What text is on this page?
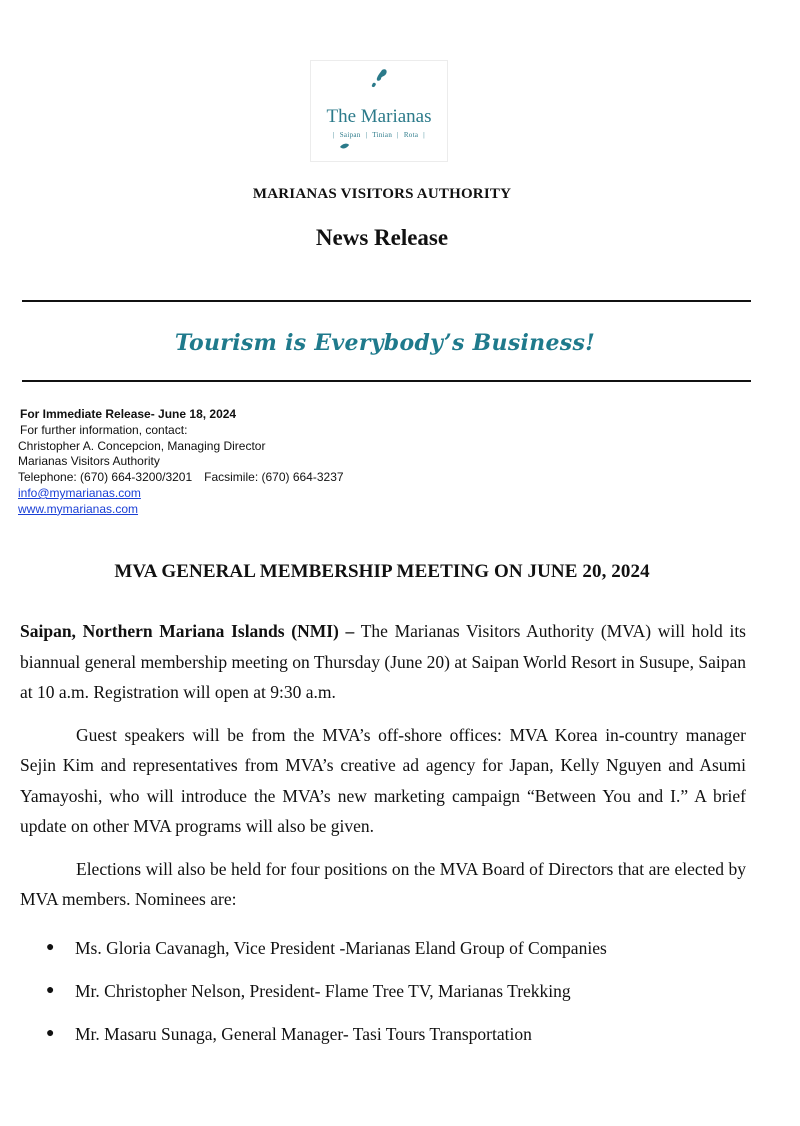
The Marianas
| Saipan | Tinian | Rota |
MARIANAS VISITORS AUTHORITY
News Release
Tourism is Everybody’s Business!
For Immediate Release- June 18, 2024
For further information, contact:
Christopher A. Concepcion, Managing Director
Marianas Visitors Authority
Telephone: (670) 664-3200/3201 Facsimile: (670) 664-3237
info@mymarianas.com
www.mymarianas.com
MVA GENERAL MEMBERSHIP MEETING ON JUNE 20, 2024

Saipan, Northern Mariana Islands (NMI) – The Marianas Visitors Authority (MVA) will hold its biannual general membership meeting on Thursday (June 20) at Saipan World Resort in Susupe, Saipan at 10 a.m. Registration will open at 9:30 a.m.

Guest speakers will be from the MVA’s off-shore offices: MVA Korea in-country manager Sejin Kim and representatives from MVA’s creative ad agency for Japan, Kelly Nguyen and Asumi Yamayoshi, who will introduce the MVA’s new marketing campaign “Between You and I.” A brief update on other MVA programs will also be given.

Elections will also be held for four positions on the MVA Board of Directors that are elected by MVA members. Nominees are:

● Ms. Gloria Cavanagh, Vice President -Marianas Eland Group of Companies
● Mr. Christopher Nelson, President- Flame Tree TV, Marianas Trekking
● Mr. Masaru Sunaga, General Manager- Tasi Tours Transportation
